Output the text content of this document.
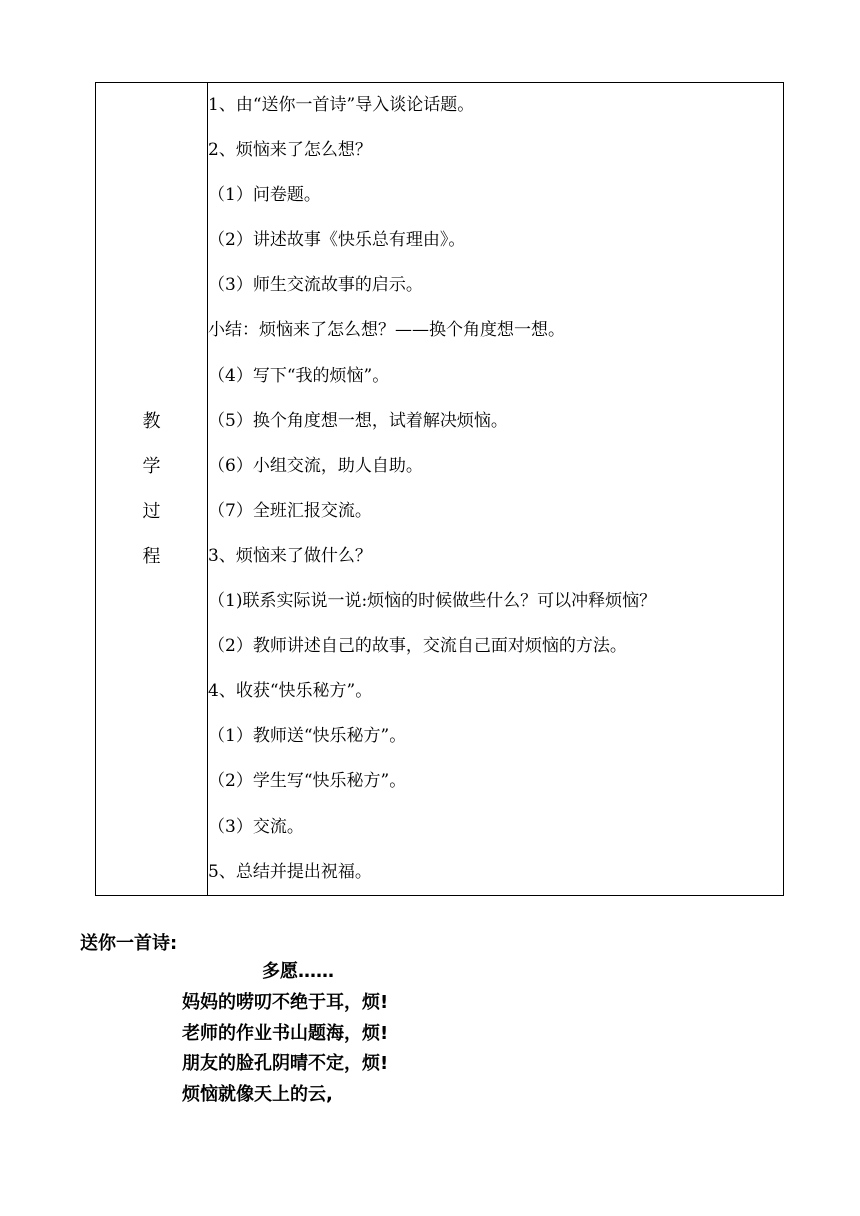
教
学
过
程

1、由“送你一首诗”导入谈论话题。
2、烦恼来了怎么想？
（1）问卷题。
（2）讲述故事《快乐总有理由》。
（3）师生交流故事的启示。
小结：烦恼来了怎么想？——换个角度想一想。
（4）写下“我的烦恼”。
（5）换个角度想一想，试着解决烦恼。
（6）小组交流，助人自助。
（7）全班汇报交流。
3、烦恼来了做什么？
（1)联系实际说一说:烦恼的时候做些什么？可以冲释烦恼？
（2）教师讲述自己的故事，交流自己面对烦恼的方法。
4、收获“快乐秘方”。
（1）教师送“快乐秘方”。
（2）学生写“快乐秘方”。
（3）交流。
5、总结并提出祝福。
送你一首诗:
多愿……
妈妈的唠叨不绝于耳，烦!
老师的作业书山题海，烦!
朋友的脸孔阴晴不定，烦!
烦恼就像天上的云,
